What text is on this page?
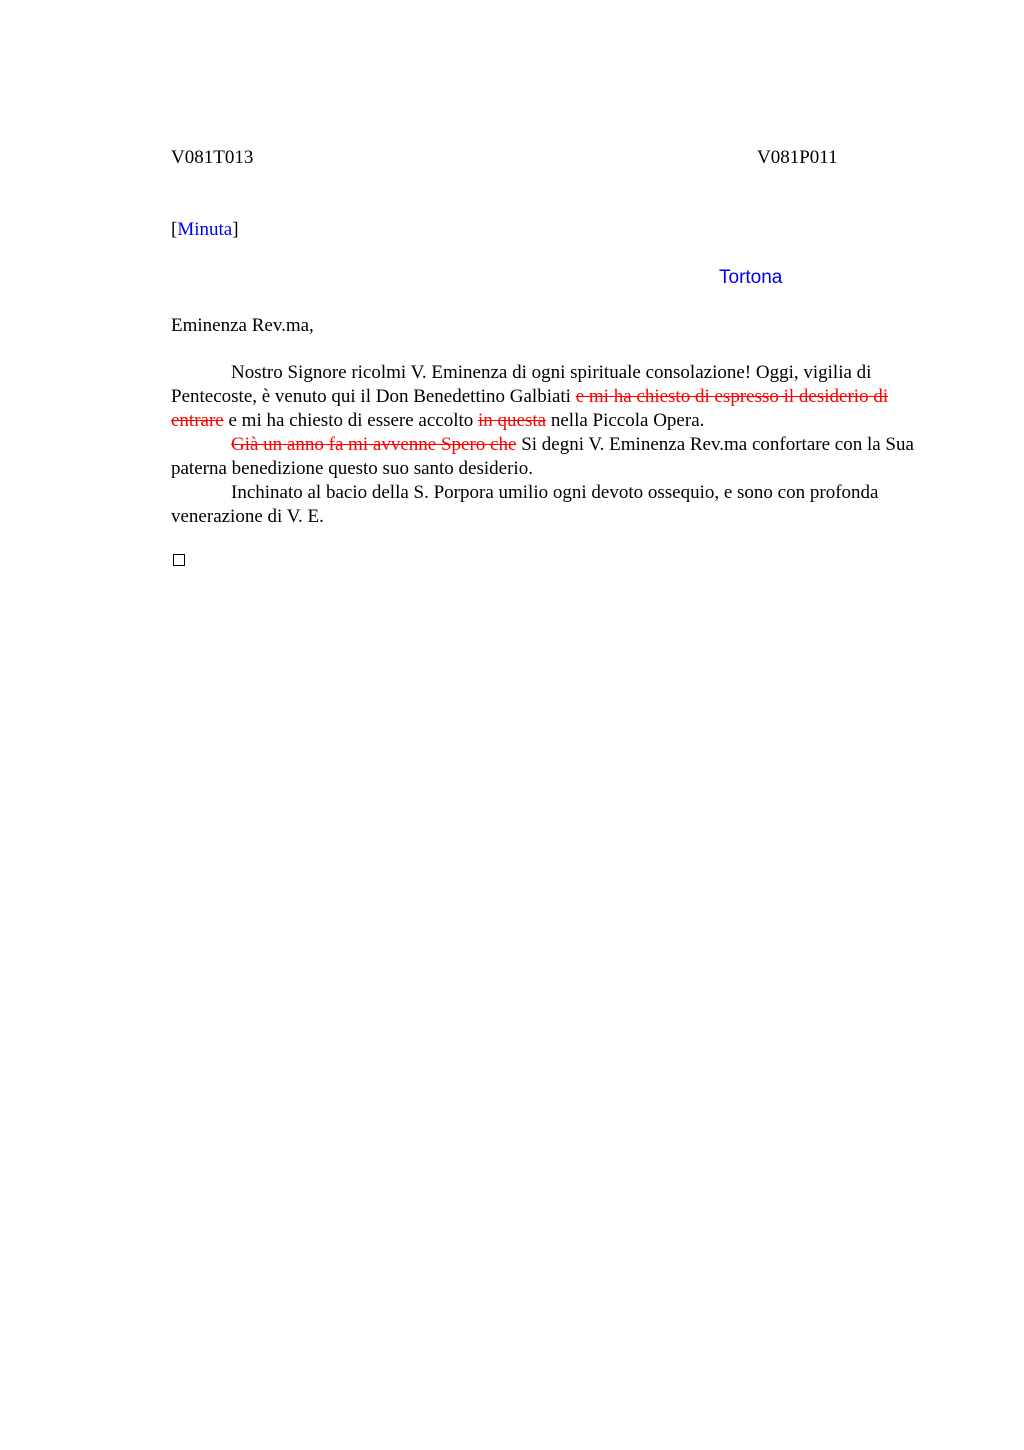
V081T013	V081P011
[Minuta]
Tortona
Eminenza Rev.ma,

Nostro Signore ricolmi V. Eminenza di ogni spirituale consolazione! Oggi, vigilia di Pentecoste, è venuto qui il Don Benedettino Galbiati e mi ha chiesto di espresso il desiderio di entrare e mi ha chiesto di essere accolto in questa nella Piccola Opera.

Già un anno fa mi avvenne Spero che Si degni V. Eminenza Rev.ma confortare con la Sua paterna benedizione questo suo santo desiderio.

Inchinato al bacio della S. Porpora umilio ogni devoto ossequio, e sono con profonda venerazione di V. E.
